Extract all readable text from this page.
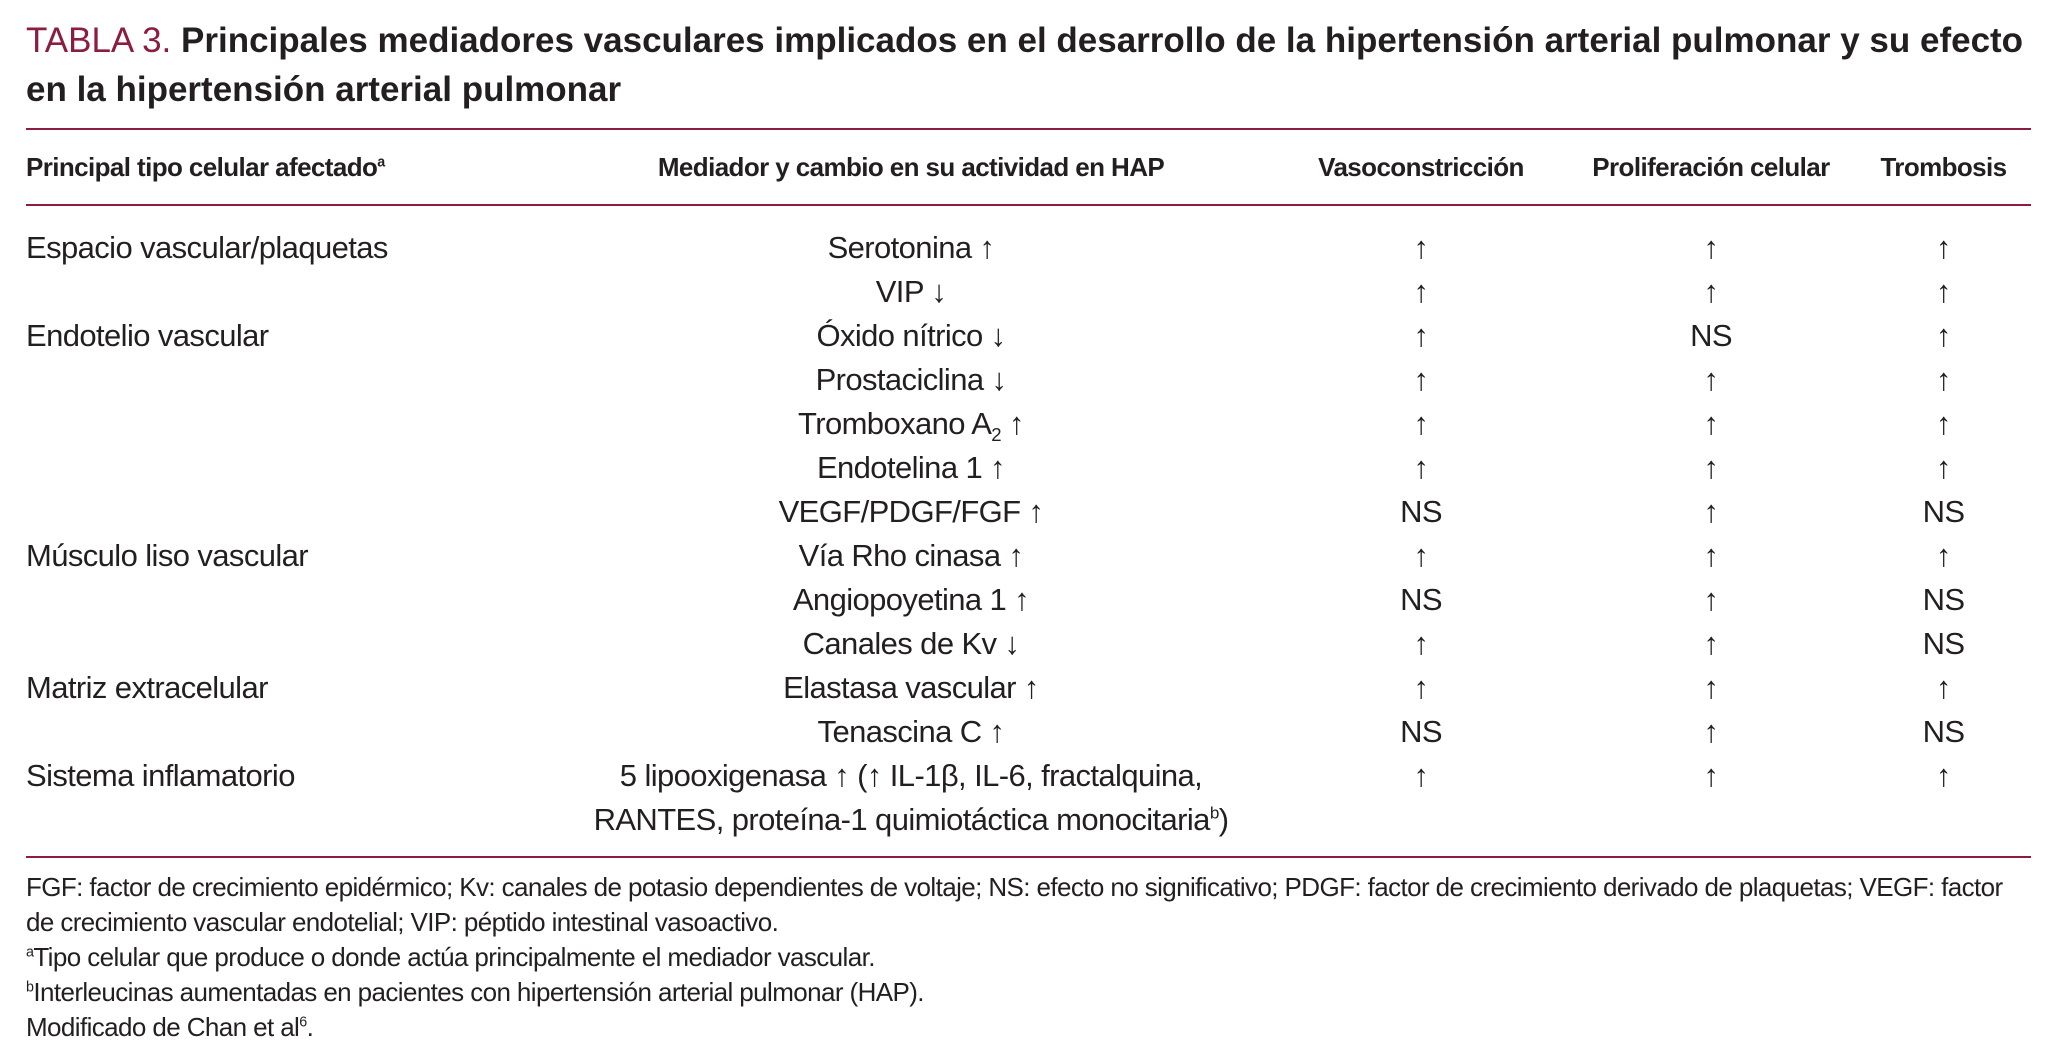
TABLA 3. Principales mediadores vasculares implicados en el desarrollo de la hipertensión arterial pulmonar y su efecto en la hipertensión arterial pulmonar
Principal tipo celular afectado$^a$	Mediador y cambio en su actividad en HAP	Vasoconstricción	Proliferación celular	Trombosis
Espacio vascular/plaquetas	Serotonina ↑	↑	↑	↑
	VIP ↓	↑	↑	↑
Endotelio vascular	Óxido nítrico ↓	↑	NS	↑
	Prostaciclina ↓	↑	↑	↑
	Tromboxano $A_2$ ↑	↑	↑	↑
	Endotelina 1 ↑	↑	↑	↑
	VEGF/PDGF/FGF ↑	NS	↑	NS
Músculo liso vascular	Vía Rho cinasa ↑	↑	↑	↑
	Angiopoyetina 1 ↑	NS	↑	NS
	Canales de Kv ↓	↑	↑	NS
Matriz extracelular	Elastasa vascular ↑	↑	↑	↑
	Tenascina C ↑	NS	↑	NS
Sistema inflamatorio	5 lipooxigenasa ↑ (↑ IL-1β, IL-6, fractalquina,
RANTES, proteína-1 quimiotáctica monocitaria$^b$)	↑	↑	↑

FGF: factor de crecimiento epidérmico; Kv: canales de potasio dependientes de voltaje; NS: efecto no significativo; PDGF: factor de crecimiento derivado de plaquetas; VEGF: factor de crecimiento vascular endotelial; VIP: péptido intestinal vasoactivo.

$^a$Tipo celular que produce o donde actúa principalmente el mediador vascular.

$^b$Interleucinas aumentadas en pacientes con hipertensión arterial pulmonar (HAP).

Modificado de Chan et $al^6$.
